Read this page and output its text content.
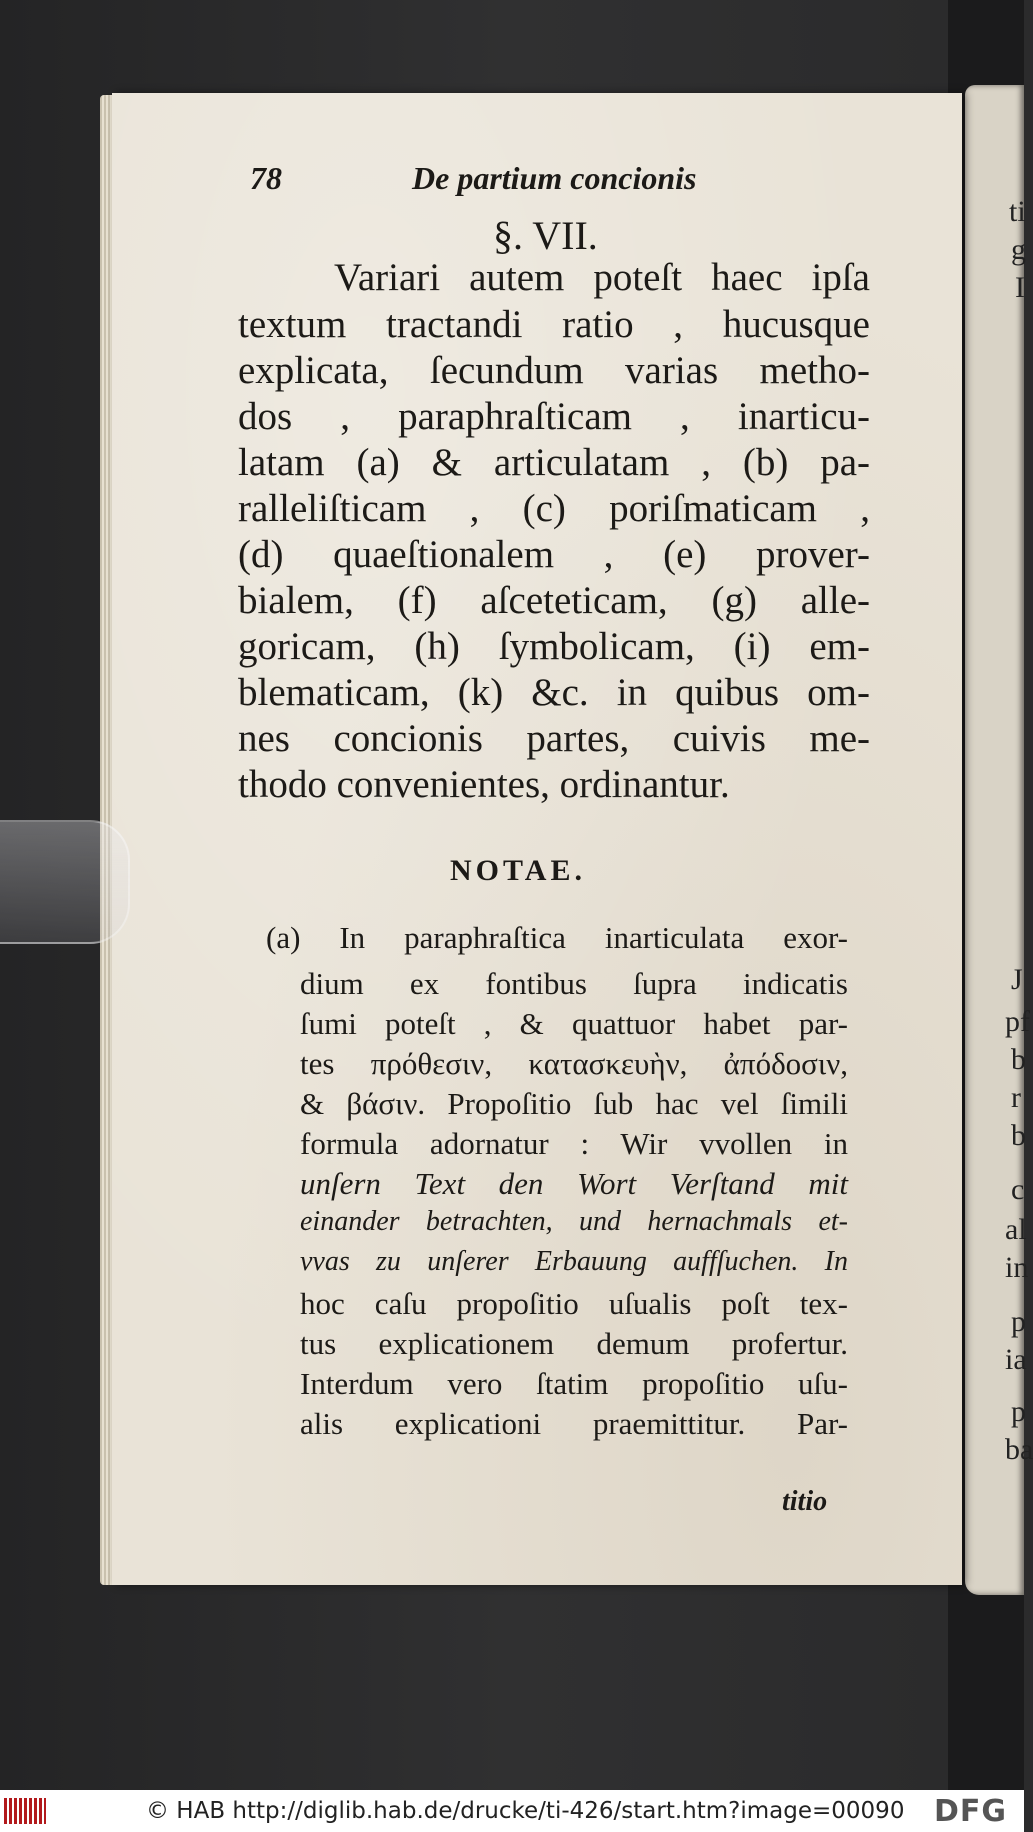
ti
g
I
J
pf
b
r
b
c
al
in
p
ia
p
ba
78	De partium concionis
§. VII.
Variari autem poteſt haec ipſa
textum tractandi ratio , hucusque
explicata, ſecundum varias metho-
dos , paraphraſticam , inarticu-
latam (a) & articulatam , (b) pa-
ralleliſticam , (c) poriſmaticam ,
(d) quaeſtionalem , (e) prover-
bialem, (f) aſceteticam, (g) alle-
goricam, (h) ſymbolicam, (i) em-
blematicam, (k) &c. in quibus om-
nes concionis partes, cuivis me-
thodo convenientes, ordinantur.
NOTAE.
(a) In paraphraſtica inarticulata exor-
dium ex fontibus ſupra indicatis
ſumi poteſt , & quattuor habet par-
tes πρόθεσιν, κατασκευὴν, ἀπόδοσιν,
& βάσιν. Propoſitio ſub hac vel ſimili
formula adornatur : Wir vvollen in
unſern Text den Wort Verſtand mit
einander betrachten, und hernachmals et-
vvas zu unſerer Erbauung auffſuchen. In
hoc caſu propoſitio uſualis poſt tex-
tus explicationem demum profertur.
Interdum vero ſtatim propoſitio uſu-
alis explicationi praemittitur. Par-
titio
© HAB http://diglib.hab.de/drucke/ti-426/start.htm?image=00090 DFG
